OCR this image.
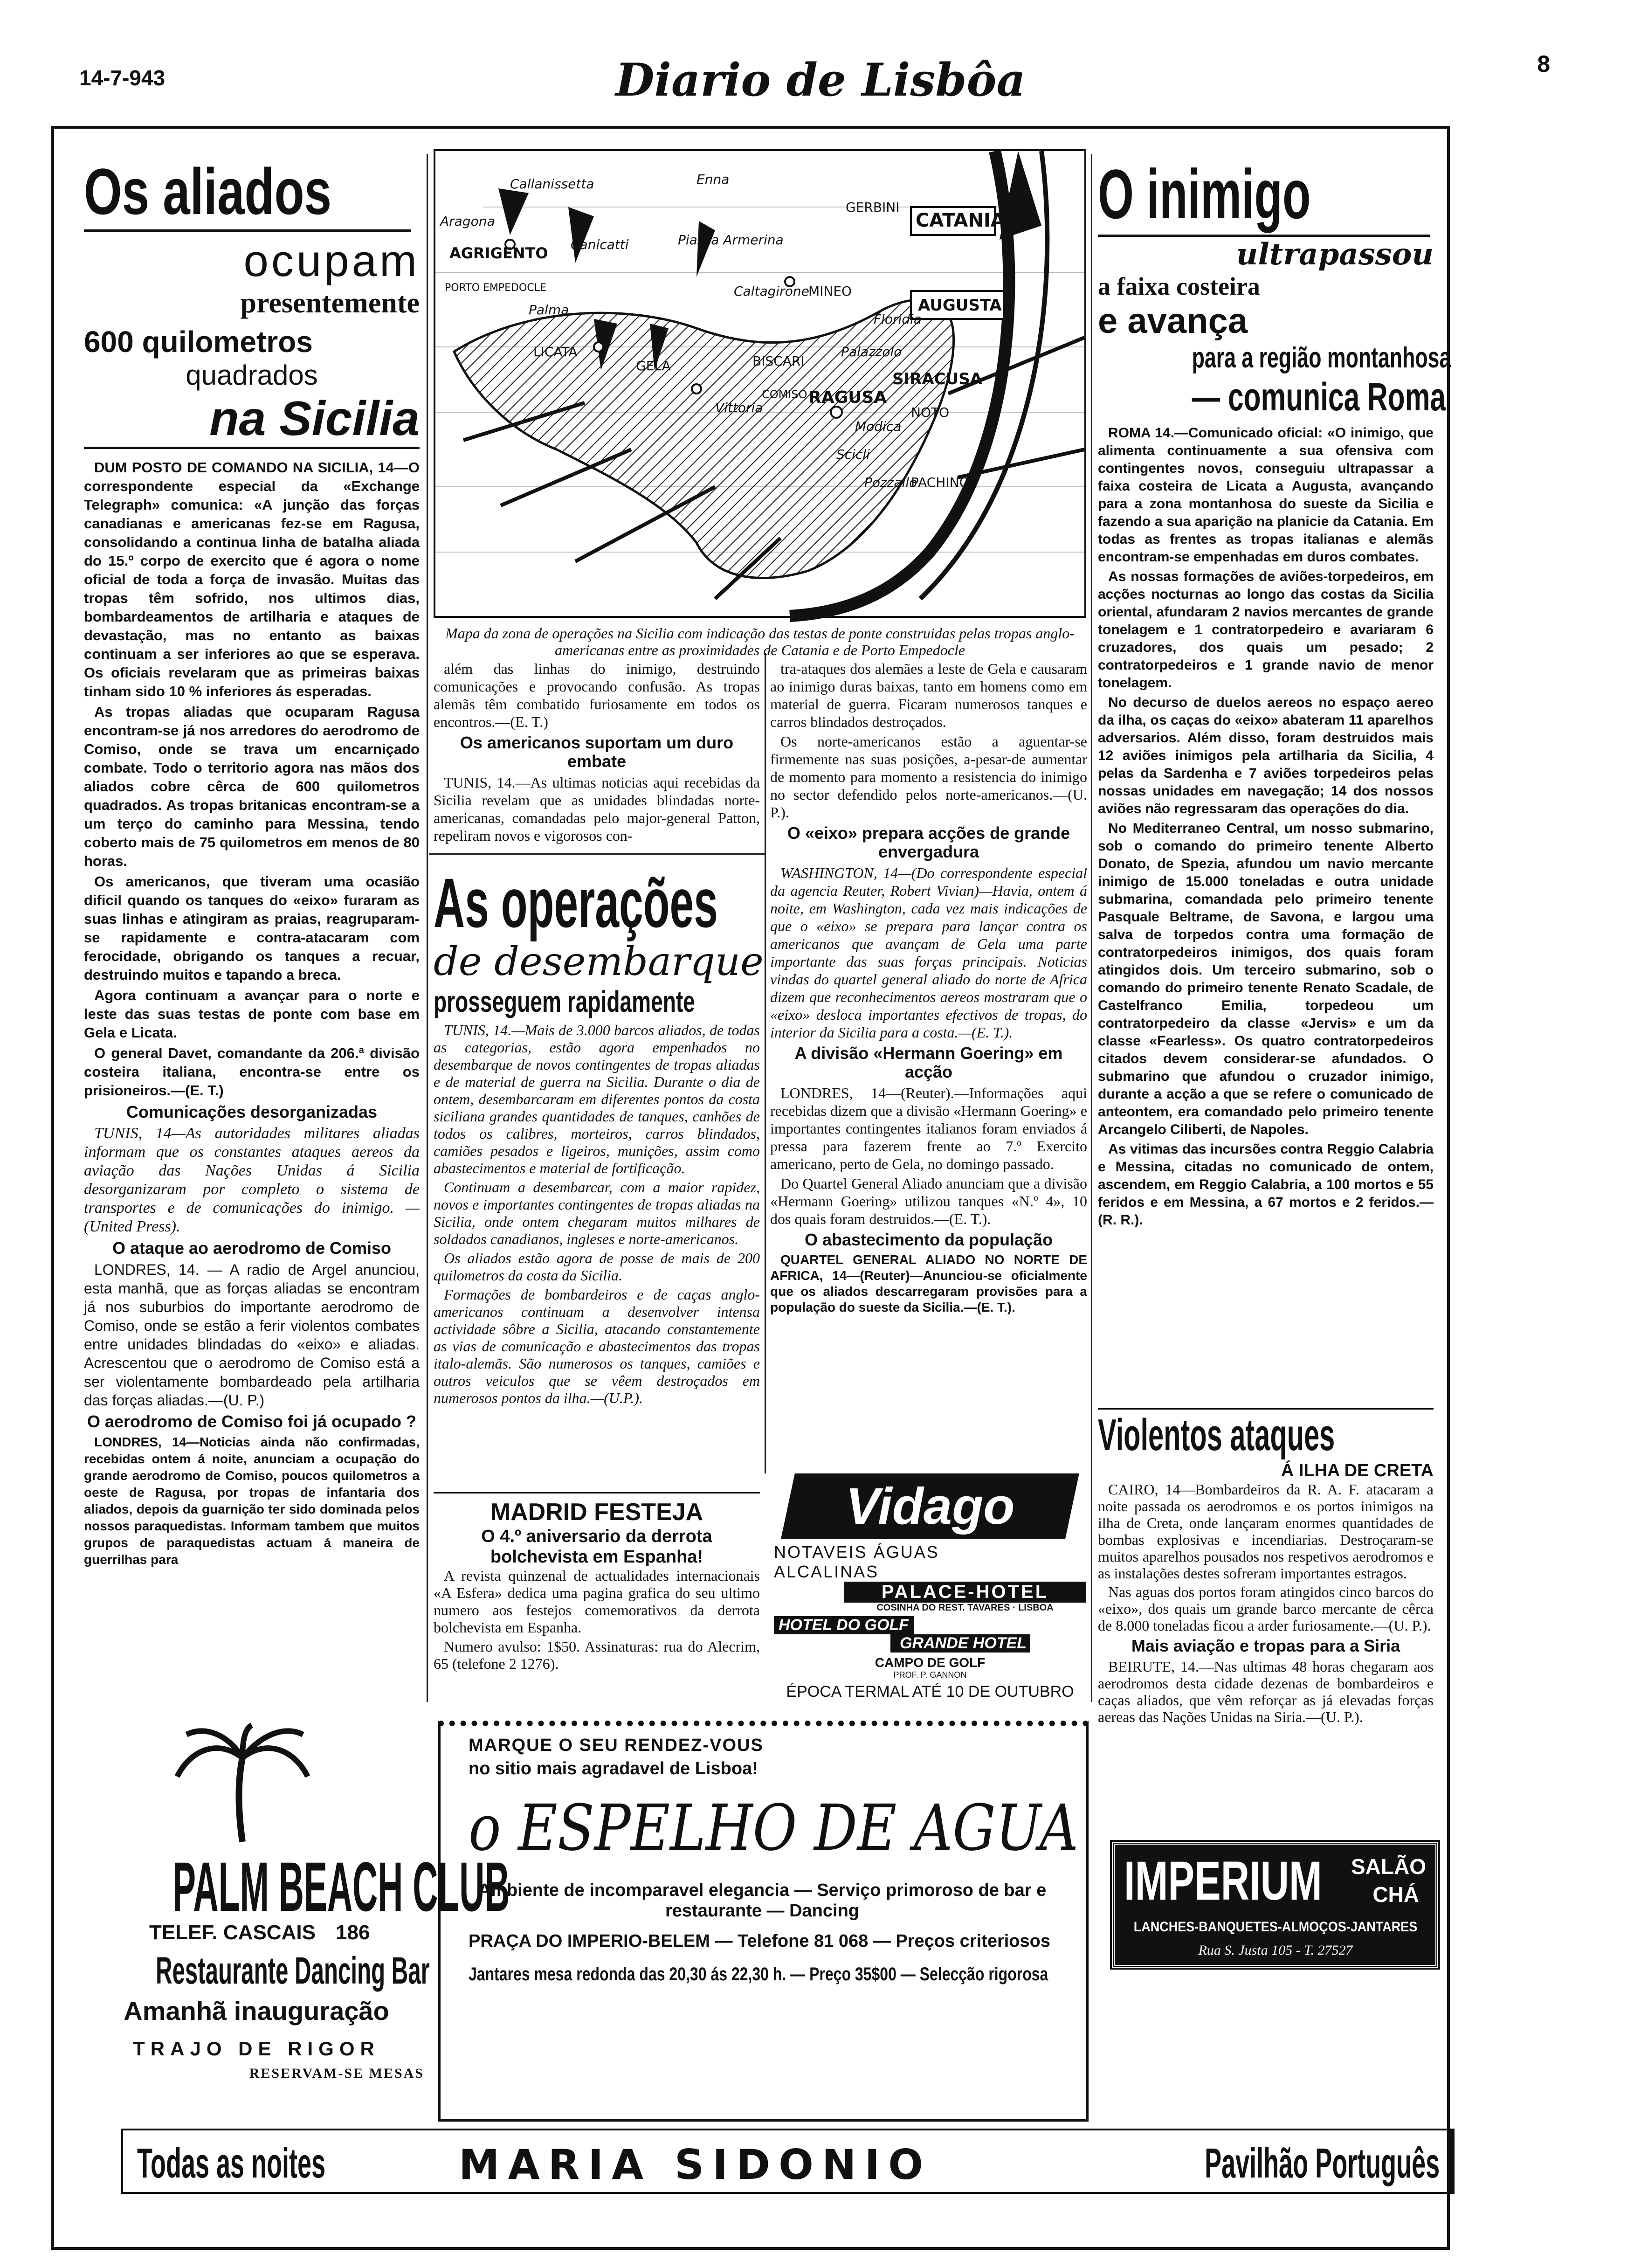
14-7-943	Diario de Lisbôa	8
Os aliados
ocupam
presentemente
600 quilometros
quadrados
na Sicilia

DUM POSTO DE COMANDO NA SICILIA, 14—O correspondente especial da «Exchange Telegraph» comunica: «A junção das forças canadianas e americanas fez-se em Ragusa, consolidando a continua linha de batalha aliada do 15.º corpo de exercito que é agora o nome oficial de toda a força de invasão. Muitas das tropas têm sofrido, nos ultimos dias, bombardeamentos de artilharia e ataques de devastação, mas no entanto as baixas continuam a ser inferiores ao que se esperava. Os oficiais revelaram que as primeiras baixas tinham sido 10 % inferiores ás esperadas.

As tropas aliadas que ocuparam Ragusa encontram-se já nos arredores do aerodromo de Comiso, onde se trava um encarniçado combate. Todo o territorio agora nas mãos dos aliados cobre cêrca de 600 quilometros quadrados. As tropas britanicas encontram-se a um terço do caminho para Messina, tendo coberto mais de 75 quilometros em menos de 80 horas.

Os americanos, que tiveram uma ocasião dificil quando os tanques do «eixo» furaram as suas linhas e atingiram as praias, reagruparam-se rapidamente e contra-atacaram com ferocidade, obrigando os tanques a recuar, destruindo muitos e tapando a breca.

Agora continuam a avançar para o norte e leste das suas testas de ponte com base em Gela e Licata.

O general Davet, comandante da 206.ª divisão costeira italiana, encontra-se entre os prisioneiros.—(E. T.)

Comunicações desorganizadas

TUNIS, 14—As autoridades militares aliadas informam que os constantes ataques aereos da aviação das Nações Unidas á Sicilia desorganizaram por completo o sistema de transportes e de comunicações do inimigo. — (United Press).

O ataque ao aerodromo de Comiso

LONDRES, 14. — A radio de Argel anunciou, esta manhã, que as forças aliadas se encontram já nos suburbios do importante aerodromo de Comiso, onde se estão a ferir violentos combates entre unidades blindadas do «eixo» e aliadas. Acrescentou que o aerodromo de Comiso está a ser violentamente bombardeado pela artilharia das forças aliadas.—(U. P.)

O aerodromo de Comiso foi já ocupado ?

LONDRES, 14—Noticias ainda não confirmadas, recebidas ontem á noite, anunciam a ocupação do grande aerodromo de Comiso, poucos quilometros a oeste de Ragusa, por tropas de infantaria dos aliados, depois da guarnição ter sido dominada pelos nossos paraquedistas. Informam tambem que muitos grupos de paraquedistas actuam á maneira de guerrilhas para

Callanissetta	Enna
GERBINI
CATANIA
Aragona
AGRIGENTO Canicatti	Piazza Armerina
PORTO EMPEDOCLE	Caltagirone
MINEO
AUGUSTA
Palma
Floridia
LICATA
GELA	BISCARI
Palazzolo
COMISO RAGUSA
SIRACUSA
Vittoria
Modica
NOTO
Scicli
Pozzallo
PACHINO
Mapa da zona de operações na Sicilia com indicação das testas de ponte construidas pelas tropas anglo-americanas entre as proximidades de Catania e de Porto Empedocle

além das linhas do inimigo, destruindo comunicações e provocando confusão. As tropas alemãs têm combatido furiosamente em todos os encontros.—(E. T.)

Os americanos suportam um duro embate

TUNIS, 14.—As ultimas noticias aqui recebidas da Sicilia revelam que as unidades blindadas norte-americanas, comandadas pelo major-general Patton, repeliram novos e vigorosos con-

As operações
de desembarque
prosseguem rapidamente

TUNIS, 14.—Mais de 3.000 barcos aliados, de todas as categorias, estão agora empenhados no desembarque de novos contingentes de tropas aliadas e de material de guerra na Sicilia. Durante o dia de ontem, desembarcaram em diferentes pontos da costa siciliana grandes quantidades de tanques, canhões de todos os calibres, morteiros, carros blindados, camiões pesados e ligeiros, munições, assim como abastecimentos e material de fortificação.

Continuam a desembarcar, com a maior rapidez, novos e importantes contingentes de tropas aliadas na Sicilia, onde ontem chegaram muitos milhares de soldados canadianos, ingleses e norte-americanos.

Os aliados estão agora de posse de mais de 200 quilometros da costa da Sicilia.

Formações de bombardeiros e de caças anglo-americanos continuam a desenvolver intensa actividade sôbre a Sicilia, atacando constantemente as vias de comunicação e abastecimentos das tropas italo-alemãs. São numerosos os tanques, camiões e outros veiculos que se vêem destroçados em numerosos pontos da ilha.—(U.P.).

MADRID FESTEJA
O 4.º aniversario da derrota bolchevista em Espanha!

A revista quinzenal de actualidades internacionais «A Esfera» dedica uma pagina grafica do seu ultimo numero aos festejos comemorativos da derrota bolchevista em Espanha.

Numero avulso: 1$50. Assinaturas: rua do Alecrim, 65 (telefone 2 1276).

tra-ataques dos alemães a leste de Gela e causaram ao inimigo duras baixas, tanto em homens como em material de guerra. Ficaram numerosos tanques e carros blindados destroçados.

Os norte-americanos estão a aguentar-se firmemente nas suas posições, a-pesar-de aumentar de momento para momento a resistencia do inimigo no sector defendido pelos norte-americanos.—(U. P.).

O «eixo» prepara acções de grande envergadura

WASHINGTON, 14—(Do correspondente especial da agencia Reuter, Robert Vivian)—Havia, ontem á noite, em Washington, cada vez mais indicações de que o «eixo» se prepara para lançar contra os americanos que avançam de Gela uma parte importante das suas forças principais. Noticias vindas do quartel general aliado do norte de Africa dizem que reconhecimentos aereos mostraram que o «eixo» desloca importantes efectivos de tropas, do interior da Sicilia para a costa.—(E. T.).

A divisão «Hermann Goering» em acção

LONDRES, 14—(Reuter).—Informações aqui recebidas dizem que a divisão «Hermann Goering» e importantes contingentes italianos foram enviados á pressa para fazerem frente ao 7.º Exercito americano, perto de Gela, no domingo passado.

Do Quartel General Aliado anunciam que a divisão «Hermann Goering» utilizou tanques «N.º 4», 10 dos quais foram destruidos.—(E. T.).

O abastecimento da população

QUARTEL GENERAL ALIADO NO NORTE DE AFRICA, 14—(Reuter)—Anunciou-se oficialmente que os aliados descarregaram provisões para a população do sueste da Sicilia.—(E. T.).

Vidago
NOTAVEIS ÁGUAS
ALCALINAS
PALACE-HOTEL
COSINHA DO REST. TAVARES · LISBOA
HOTEL DO GOLF
GRANDE HOTEL
CAMPO DE GOLF
PROF. P. GANNON
ÉPOCA TERMAL ATÉ 10 DE OUTUBRO
O inimigo
ultrapassou
a faixa costeira
e avança
para a região montanhosa
— comunica Roma

ROMA 14.—Comunicado oficial: «O inimigo, que alimenta continuamente a sua ofensiva com contingentes novos, conseguiu ultrapassar a faixa costeira de Licata a Augusta, avançando para a zona montanhosa do sueste da Sicilia e fazendo a sua aparição na planicie da Catania. Em todas as frentes as tropas italianas e alemãs encontram-se empenhadas em duros combates.

As nossas formações de aviões-torpedeiros, em acções nocturnas ao longo das costas da Sicilia oriental, afundaram 2 navios mercantes de grande tonelagem e 1 contratorpedeiro e avariaram 6 cruzadores, dos quais um pesado; 2 contratorpedeiros e 1 grande navio de menor tonelagem.

No decurso de duelos aereos no espaço aereo da ilha, os caças do «eixo» abateram 11 aparelhos adversarios. Além disso, foram destruidos mais 12 aviões inimigos pela artilharia da Sicilia, 4 pelas da Sardenha e 7 aviões torpedeiros pelas nossas unidades em navegação; 14 dos nossos aviões não regressaram das operações do dia.

No Mediterraneo Central, um nosso submarino, sob o comando do primeiro tenente Alberto Donato, de Spezia, afundou um navio mercante inimigo de 15.000 toneladas e outra unidade submarina, comandada pelo primeiro tenente Pasquale Beltrame, de Savona, e largou uma salva de torpedos contra uma formação de contratorpedeiros inimigos, dos quais foram atingidos dois. Um terceiro submarino, sob o comando do primeiro tenente Renato Scadale, de Castelfranco Emilia, torpedeou um contratorpedeiro da classe «Jervis» e um da classe «Fearless». Os quatro contratorpedeiros citados devem considerar-se afundados. O submarino que afundou o cruzador inimigo, durante a acção a que se refere o comunicado de anteontem, era comandado pelo primeiro tenente Arcangelo Ciliberti, de Napoles.

As vitimas das incursões contra Reggio Calabria e Messina, citadas no comunicado de ontem, ascendem, em Reggio Calabria, a 100 mortos e 55 feridos e em Messina, a 67 mortos e 2 feridos.—(R. R.).

Violentos ataques
Á ILHA DE CRETA

CAIRO, 14—Bombardeiros da R. A. F. atacaram a noite passada os aerodromos e os portos inimigos na ilha de Creta, onde lançaram enormes quantidades de bombas explosivas e incendiarias. Destroçaram-se muitos aparelhos pousados nos respetivos aerodromos e as instalações destes sofreram importantes estragos.

Nas aguas dos portos foram atingidos cinco barcos do «eixo», dos quais um grande barco mercante de cêrca de 8.000 toneladas ficou a arder furiosamente.—(U. P.).

Mais aviação e tropas para a Siria

BEIRUTE, 14.—Nas ultimas 48 horas chegaram aos aerodromos desta cidade dezenas de bombardeiros e caças aliados, que vêm reforçar as já elevadas forças aereas das Nações Unidas na Siria.—(U. P.).

PALM BEACH CLUB
TELEF. CASCAIS 186
Restaurante Dancing Bar
Amanhã inauguração
TRAJO DE RIGOR
RESERVAM-SE MESAS
MARQUE O SEU RENDEZ-VOUS
no sitio mais agradavel de Lisboa!
o ESPELHO DE AGUA
Ambiente de incomparavel elegancia — Serviço primoroso de bar e restaurante — Dancing
PRAÇA DO IMPERIO-BELEM — Telefone 81 068 — Preços criteriosos
Jantares mesa redonda das 20,30 ás 22,30 h. — Preço 35$00 — Selecção rigorosa
IMPERIUM SALÃO
CHÁ
LANCHES-BANQUETES-ALMOÇOS-JANTARES
Rua S. Justa 105 - T. 27527
Todas as noites	MARIA SIDONIO	Pavilhão Português
